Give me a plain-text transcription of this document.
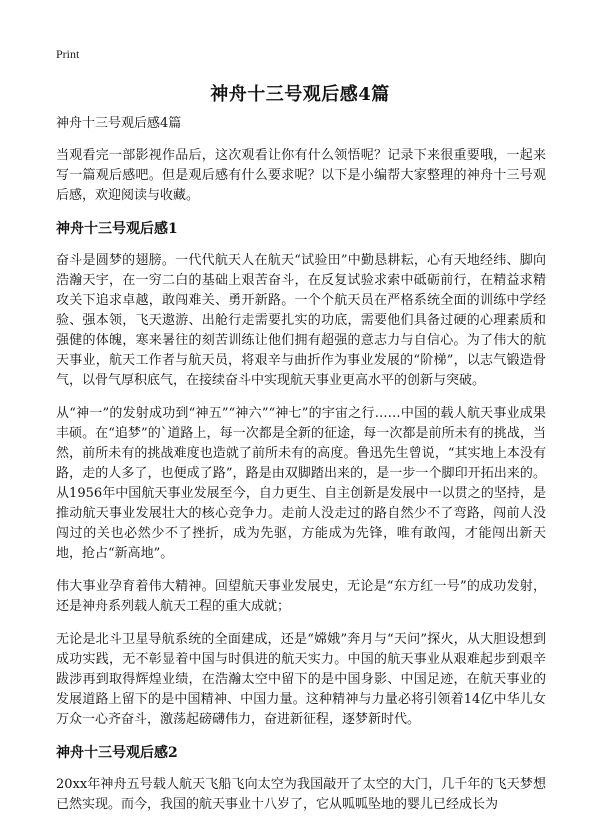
Print
神舟十三号观后感4篇
神舟十三号观后感4篇

当观看完一部影视作品后，这次观看让你有什么领悟呢？记录下来很重要哦，一起来写一篇观后感吧。但是观后感有什么要求呢？以下是小编帮大家整理的神舟十三号观后感，欢迎阅读与收藏。

神舟十三号观后感1

奋斗是圆梦的翅膀。一代代航天人在航天“试验田”中勤恳耕耘，心有天地经纬、脚向浩瀚天宇，在一穷二白的基础上艰苦奋斗，在反复试验求索中砥砺前行，在精益求精攻关下追求卓越，敢闯难关、勇开新路。一个个航天员在严格系统全面的训练中学经验、强本领，飞天遨游、出舱行走需要扎实的功底，需要他们具备过硬的心理素质和强健的体魄，寒来暑往的刻苦训练让他们拥有超强的意志力与自信心。为了伟大的航天事业，航天工作者与航天员，将艰辛与曲折作为事业发展的“阶梯”，以志气锻造骨气，以骨气厚积底气，在接续奋斗中实现航天事业更高水平的创新与突破。

从“神一”的发射成功到“神五”“神六”“神七”的宇宙之行……中国的载人航天事业成果丰硕。在“追梦”的`道路上，每一次都是全新的征途，每一次都是前所未有的挑战，当然，前所未有的挑战难度也造就了前所未有的高度。鲁迅先生曾说，“其实地上本没有路，走的人多了，也便成了路”，路是由双脚踏出来的，是一步一个脚印开拓出来的。从1956年中国航天事业发展至今，自力更生、自主创新是发展中一以贯之的坚持，是推动航天事业发展壮大的核心竞争力。走前人没走过的路自然少不了弯路，闯前人没闯过的关也必然少不了挫折，成为先驱，方能成为先锋，唯有敢闯，才能闯出新天地，抢占“新高地”。

伟大事业孕育着伟大精神。回望航天事业发展史，无论是“东方红一号”的成功发射，还是神舟系列载人航天工程的重大成就；

无论是北斗卫星导航系统的全面建成，还是“嫦娥”奔月与“天问”探火，从大胆设想到成功实践，无不彰显着中国与时俱进的航天实力。中国的航天事业从艰难起步到艰辛跋涉再到取得辉煌业绩，在浩瀚太空中留下的是中国身影、中国足迹，在航天事业的发展道路上留下的是中国精神、中国力量。这种精神与力量必将引领着14亿中华儿女万众一心齐奋斗，激荡起磅礴伟力，奋进新征程，逐梦新时代。

神舟十三号观后感2

20xx年神舟五号载人航天飞船飞向太空为我国敲开了太空的大门，几千年的飞天梦想已然实现。而今，我国的航天事业十八岁了，它从呱呱坠地的婴儿已经成长为
